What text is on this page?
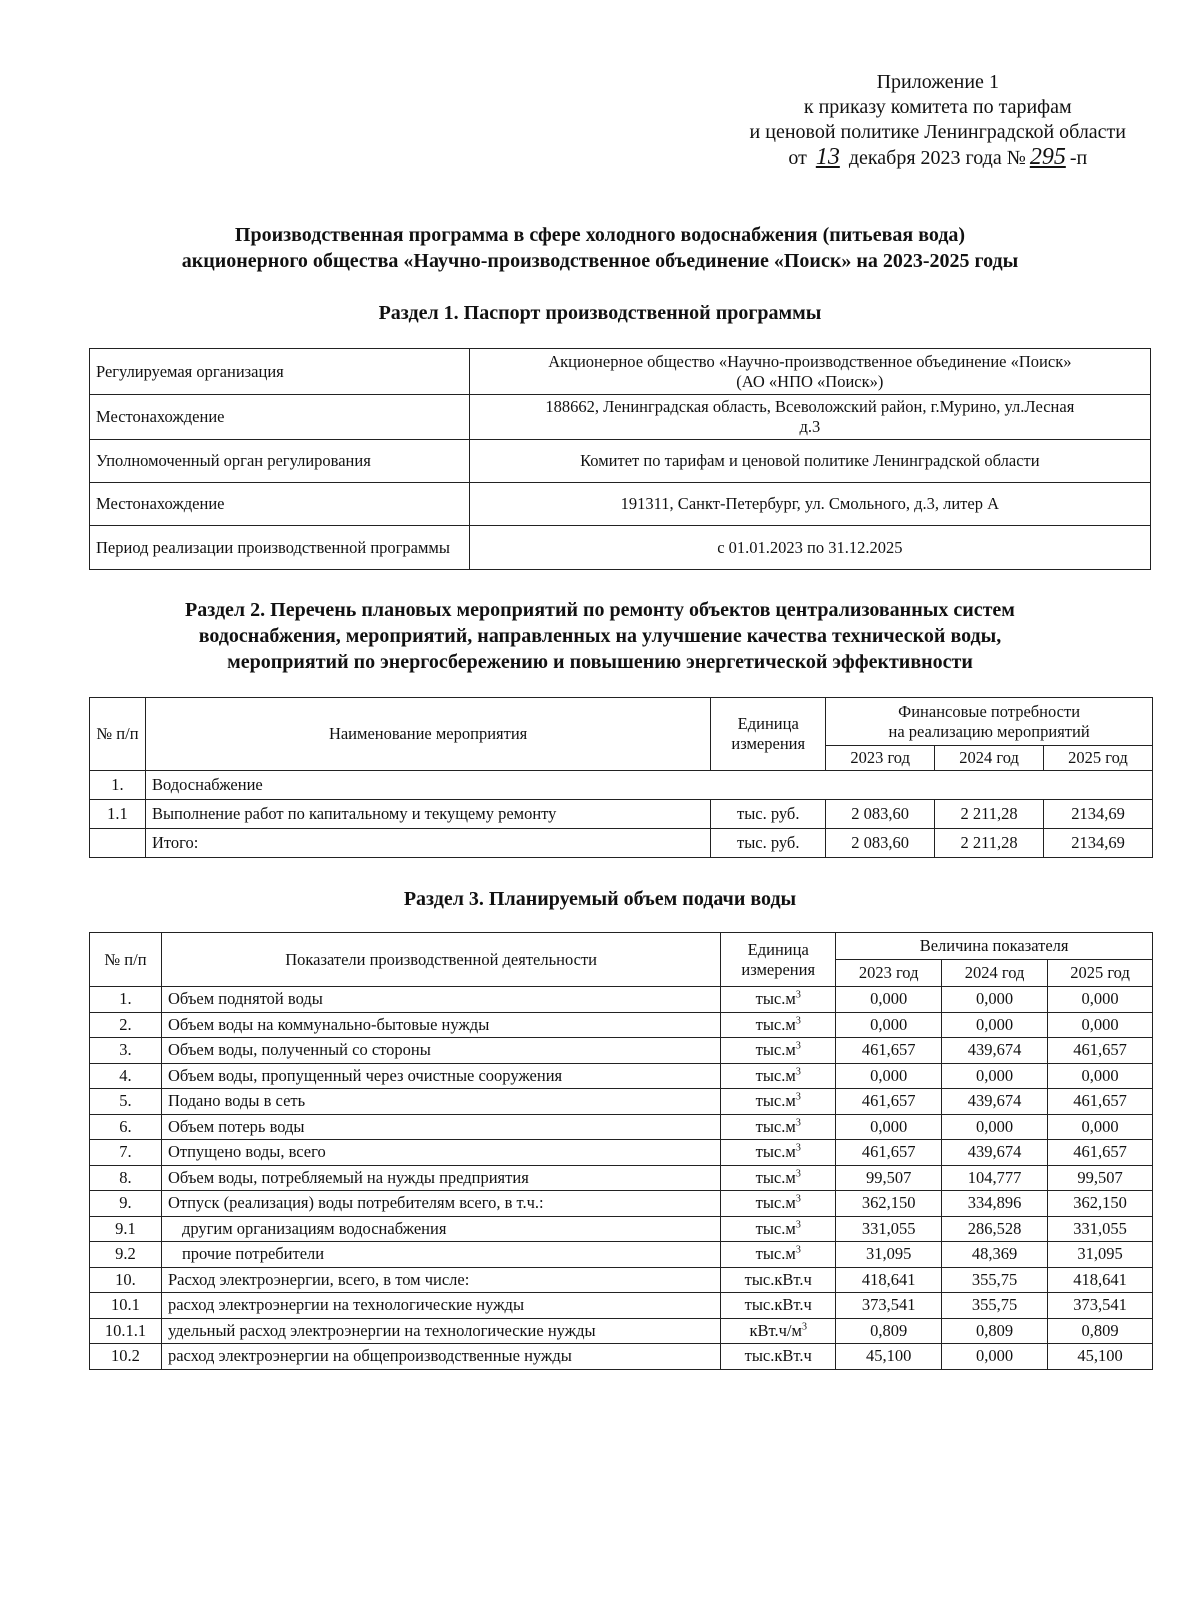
Приложение 1
к приказу комитета по тарифам
и ценовой политике Ленинградской области
от 13 декабря 2023 года № 295 -п
Производственная программа в сфере холодного водоснабжения (питьевая вода)
акционерного общества «Научно-производственное объединение «Поиск» на 2023-2025 годы
Раздел 1. Паспорт производственной программы
Регулируемая организация	Акционерное общество «Научно-производственное объединение «Поиск»
(АО «НПО «Поиск»)

Местонахождение	188662, Ленинградская область, Всеволожский район, г.Мурино, ул.Лесная
д.3

Уполномоченный орган регулирования	Комитет по тарифам и ценовой политике Ленинградской области

Местонахождение	191311, Санкт-Петербург, ул. Смольного, д.3, литер А

Период реализации производственной программы	с 01.01.2023 по 31.12.2025
Раздел 2. Перечень плановых мероприятий по ремонту объектов централизованных систем
водоснабжения, мероприятий, направленных на улучшение качества технической воды,
мероприятий по энергосбережению и повышению энергетической эффективности
№ п/п	Наименование мероприятия	Единица измерения	Финансовые потребности
на реализацию мероприятий		

			2023 год	2024 год	2025 год
1.	Водоснабжение				
1.1	Выполнение работ по капитальному и текущему ремонту	тыс. руб.	2 083,60	2 211,28	2134,69
	Итого:	тыс. руб.	2 083,60	2 211,28	2134,69
Раздел 3. Планируемый объем подачи воды
№ п/п	Показатели производственной деятельности	Единица измерения	Величина показателя		
			2023 год	2024 год	2025 год
1.	Объем поднятой воды	$тыс.м^3$	0,000	0,000	0,000
2.	Объем воды на коммунально-бытовые нужды	$тыс.м^3$	0,000	0,000	0,000
3.	Объем воды, полученный со стороны	$тыс.м^3$	461,657	439,674	461,657
4.	Объем воды, пропущенный через очистные сооружения	$тыс.м^3$	0,000	0,000	0,000
5.	Подано воды в сеть	$тыс.м^3$	461,657	439,674	461,657
6.	Объем потерь воды	$тыс.м^3$	0,000	0,000	0,000
7.	Отпущено воды, всего	$тыс.м^3$	461,657	439,674	461,657
8.	Объем воды, потребляемый на нужды предприятия	$тыс.м^3$	99,507	104,777	99,507
9.	Отпуск (реализация) воды потребителям всего, в т.ч.:	$тыс.м^3$	362,150	334,896	362,150
9.1	другим организациям водоснабжения	$тыс.м^3$	331,055	286,528	331,055
9.2	прочие потребители	$тыс.м^3$	31,095	48,369	31,095
10.	Расход электроэнергии, всего, в том числе:	тыс.кВт.ч	418,641	355,75	418,641
10.1	расход электроэнергии на технологические нужды	тыс.кВт.ч	373,541	355,75	373,541
10.1.1	удельный расход электроэнергии на технологические нужды	$кВт.ч/м^3$	0,809	0,809	0,809
10.2	расход электроэнергии на общепроизводственные нужды	тыс.кВт.ч	45,100	0,000	45,100
